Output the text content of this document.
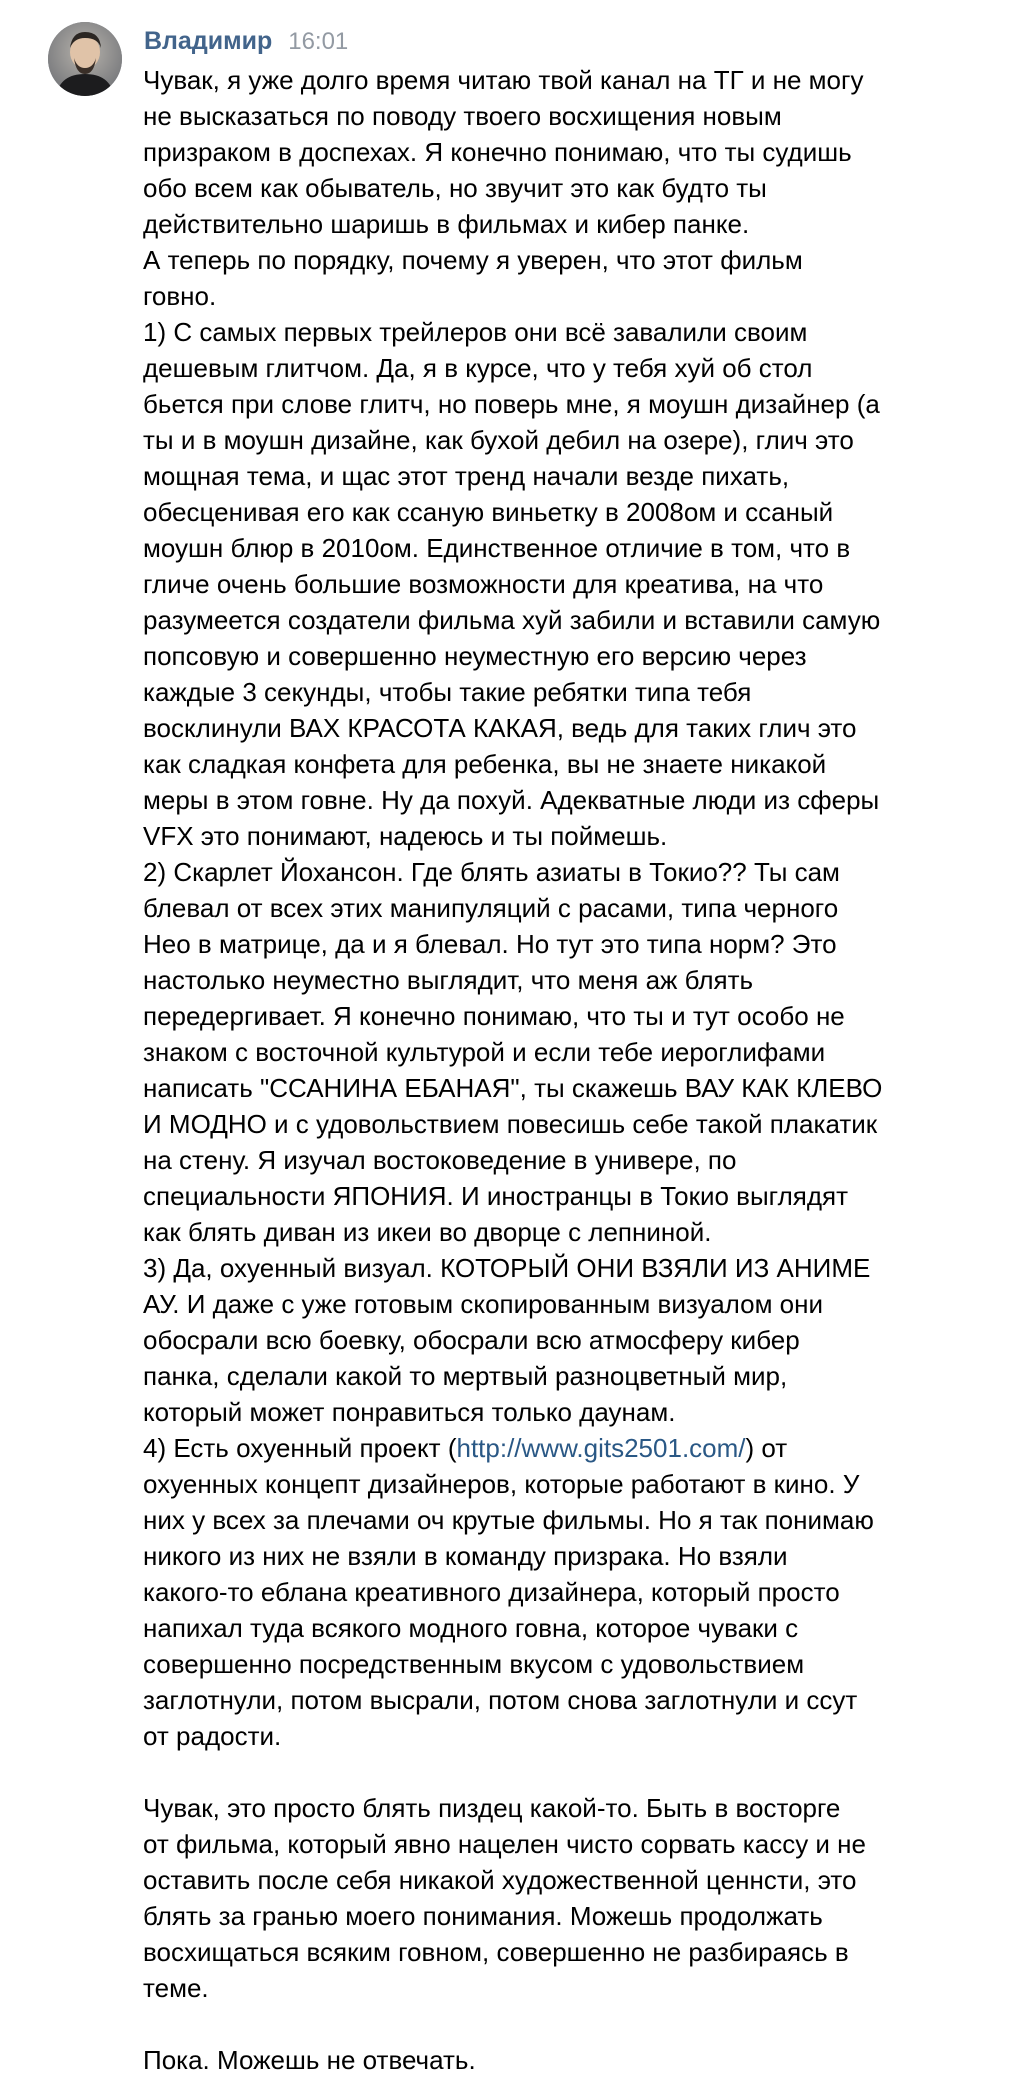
Владимир 16:01

Чувак, я уже долго время читаю твой канал на ТГ и не могу
не высказаться по поводу твоего восхищения новым
призраком в доспехах. Я конечно понимаю, что ты судишь
обо всем как обыватель, но звучит это как будто ты
действительно шаришь в фильмах и кибер панке.
А теперь по порядку, почему я уверен, что этот фильм
говно.
1) С самых первых трейлеров они всё завалили своим
дешевым глитчом. Да, я в курсе, что у тебя хуй об стол
бьется при слове глитч, но поверь мне, я моушн дизайнер (а
ты и в моушн дизайне, как бухой дебил на озере), глич это
мощная тема, и щас этот тренд начали везде пихать,
обесценивая его как ссаную виньетку в 2008ом и ссаный
моушн блюр в 2010ом. Единственное отличие в том, что в
гличе очень большие возможности для креатива, на что
разумеется создатели фильма хуй забили и вставили самую
попсовую и совершенно неуместную его версию через
каждые 3 секунды, чтобы такие ребятки типа тебя
восклинули ВАХ КРАСОТА КАКАЯ, ведь для таких глич это
как сладкая конфета для ребенка, вы не знаете никакой
меры в этом говне. Ну да похуй. Адекватные люди из сферы
VFX это понимают, надеюсь и ты поймешь.
2) Скарлет Йохансон. Где блять азиаты в Токио?? Ты сам
блевал от всех этих манипуляций с расами, типа черного
Нео в матрице, да и я блевал. Но тут это типа норм? Это
настолько неуместно выглядит, что меня аж блять
передергивает. Я конечно понимаю, что ты и тут особо не
знаком с восточной культурой и если тебе иероглифами
написать "ССАНИНА ЕБАНАЯ", ты скажешь ВАУ КАК КЛЕВО
И МОДНО и с удовольствием повесишь себе такой плакатик
на стену. Я изучал востоковедение в универе, по
специальности ЯПОНИЯ. И иностранцы в Токио выглядят
как блять диван из икеи во дворце с лепниной.
3) Да, охуенный визуал. КОТОРЫЙ ОНИ ВЗЯЛИ ИЗ АНИМЕ
АУ. И даже с уже готовым скопированным визуалом они
обосрали всю боевку, обосрали всю атмосферу кибер
панка, сделали какой то мертвый разноцветный мир,
который может понравиться только даунам.

4) Есть охуенный проект (http://www.gits2501.com/) от
охуенных концепт дизайнеров, которые работают в кино. У
них у всех за плечами оч крутые фильмы. Но я так понимаю
никого из них не взяли в команду призрака. Но взяли
какого-то еблана креативного дизайнера, который просто
напихал туда всякого модного говна, которое чуваки с
совершенно посредственным вкусом с удовольствием
заглотнули, потом высрали, потом снова заглотнули и ссут
от радости.

Чувак, это просто блять пиздец какой-то. Быть в восторге
от фильма, который явно нацелен чисто сорвать кассу и не
оставить после себя никакой художественной ценнсти, это
блять за гранью моего понимания. Можешь продолжать
восхищаться всяким говном, совершенно не разбираясь в
теме.

Пока. Можешь не отвечать.
